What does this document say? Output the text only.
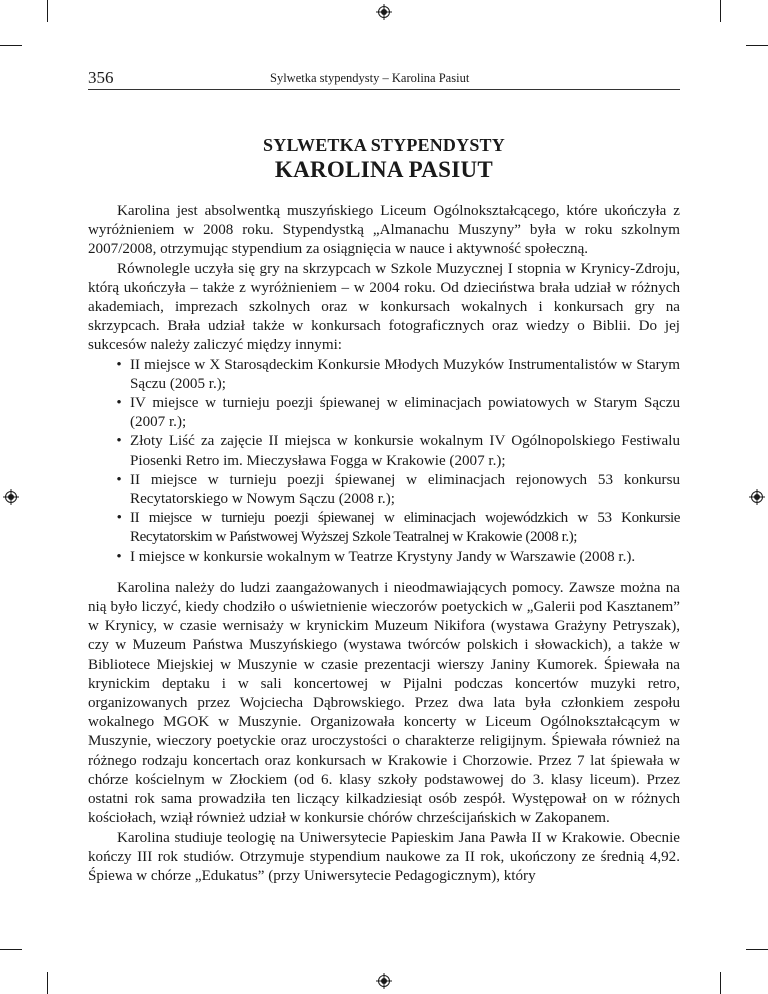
356	Sylwetka stypendysty – Karolina Pasiut
SYLWETKA STYPENDYSTY
KAROLINA PASIUT

Karolina jest absolwentką muszyńskiego Liceum Ogólnokształcącego, które ukończyła z wyróżnieniem w 2008 roku. Stypendystką „Almanachu Muszyny” była w roku szkolnym 2007/2008, otrzymując stypendium za osiągnięcia w nauce i aktywność społeczną.

Równolegle uczyła się gry na skrzypcach w Szkole Muzycznej I stopnia w Krynicy-Zdroju, którą ukończyła – także z wyróżnieniem – w 2004 roku. Od dzieciństwa brała udział w różnych akademiach, imprezach szkolnych oraz w konkursach wokalnych i konkursach gry na skrzypcach. Brała udział także w konkursach fotograficznych oraz wiedzy o Biblii. Do jej sukcesów należy zaliczyć między innymi:

• II miejsce w X Starosądeckim Konkursie Młodych Muzyków Instrumentalistów w Starym Sączu (2005 r.);
• IV miejsce w turnieju poezji śpiewanej w eliminacjach powiatowych w Starym Sączu (2007 r.);
• Złoty Liść za zajęcie II miejsca w konkursie wokalnym IV Ogólnopolskiego Festiwalu Piosenki Retro im. Mieczysława Fogga w Krakowie (2007 r.);
• II miejsce w turnieju poezji śpiewanej w eliminacjach rejonowych 53 konkursu Recytatorskiego w Nowym Sączu (2008 r.);
• II miejsce w turnieju poezji śpiewanej w eliminacjach wojewódzkich w 53 Konkursie Recytatorskim w Państwowej Wyższej Szkole Teatralnej w Krakowie (2008 r.);
• I miejsce w konkursie wokalnym w Teatrze Krystyny Jandy w Warszawie (2008 r.).

Karolina należy do ludzi zaangażowanych i nieodmawiających pomocy. Zawsze można na nią było liczyć, kiedy chodziło o uświetnienie wieczorów poetyckich w „Galerii pod Kasztanem” w Krynicy, w czasie wernisaży w krynickim Muzeum Nikifora (wystawa Grażyny Petryszak), czy w Muzeum Państwa Muszyńskiego (wystawa twórców polskich i słowackich), a także w Bibliotece Miejskiej w Muszynie w czasie prezentacji wierszy Janiny Kumorek. Śpiewała na krynickim deptaku i w sali koncertowej w Pijalni podczas koncertów muzyki retro, organizowanych przez Wojciecha Dąbrowskiego. Przez dwa lata była członkiem zespołu wokalnego MGOK w Muszynie. Organizowała koncerty w Liceum Ogólnokształcącym w Muszynie, wieczory poetyckie oraz uroczystości o charakterze religijnym. Śpiewała również na różnego rodzaju koncertach oraz konkursach w Krakowie i Chorzowie. Przez 7 lat śpiewała w chórze kościelnym w Złockiem (od 6. klasy szkoły podstawowej do 3. klasy liceum). Przez ostatni rok sama prowadziła ten liczący kilkadziesiąt osób zespół. Występował on w różnych kościołach, wziął również udział w konkursie chórów chrześcijańskich w Zakopanem.

Karolina studiuje teologię na Uniwersytecie Papieskim Jana Pawła II w Krakowie. Obecnie kończy III rok studiów. Otrzymuje stypendium naukowe za II rok, ukończony ze średnią 4,92. Śpiewa w chórze „Edukatus” (przy Uniwersytecie Pedagogicznym), który
